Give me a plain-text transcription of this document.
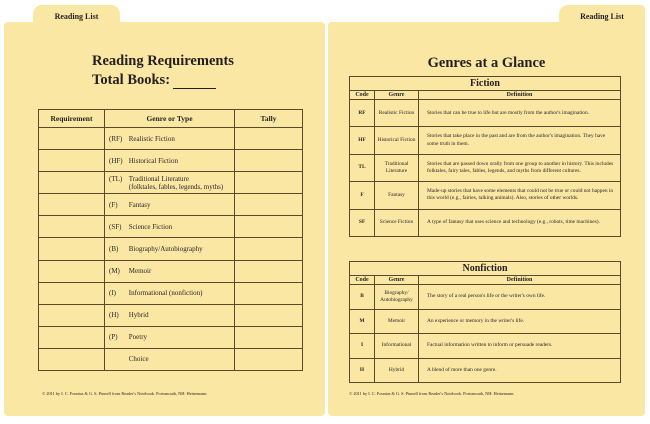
Reading List
Reading Requirements
Total Books:
Requirement	Genre or Type	Tally
	(RF) Realistic Fiction	
	(HF) Historical Fiction	
	(TL) Traditional Literature
(folktales, fables, legends, myths)	
	(F) Fantasy	
	(SF) Science Fiction	
	(B) Biography/Autobiography	
	(M) Memoir	
	(I) Informational (nonfiction)	
	(H) Hybrid	
	(P) Poetry	
	Choice	
© 2011 by I. C. Fountas & G. S. Pinnell from Reader's Notebook. Portsmouth, NH: Heinemann.
Reading List
Genres at a Glance
Fiction		
Code	Genre	Definition
RF	Realistic Fiction	Stories that can be true to life but are mostly from the author's imagination.
HF	Historical Fiction	Stories that take place in the past and are from the author's imagination. They have some truth in them.
TL	Traditional Literature	Stories that are passed down orally from one group to another in history. This includes folktales, fairy tales, fables, legends, and myths from different cultures.
F	Fantasy	Made-up stories that have some elements that could not be true or could not happen in this world (e.g., fairies, talking animals). Also, stories of other worlds.
SF	Science Fiction	A type of fantasy that uses science and technology (e.g., robots, time machines).
Nonfiction		
Code	Genre	Definition
B	Biography/ Autobiography	The story of a real person's life or the writer's own life.
M	Memoir	An experience or memory in the writer's life.
I	Informational	Factual information written to inform or persuade readers.
H	Hybrid	A blend of more than one genre.
© 2011 by I. C. Fountas & G. S. Pinnell from Reader's Notebook. Portsmouth, NH: Heinemann.
